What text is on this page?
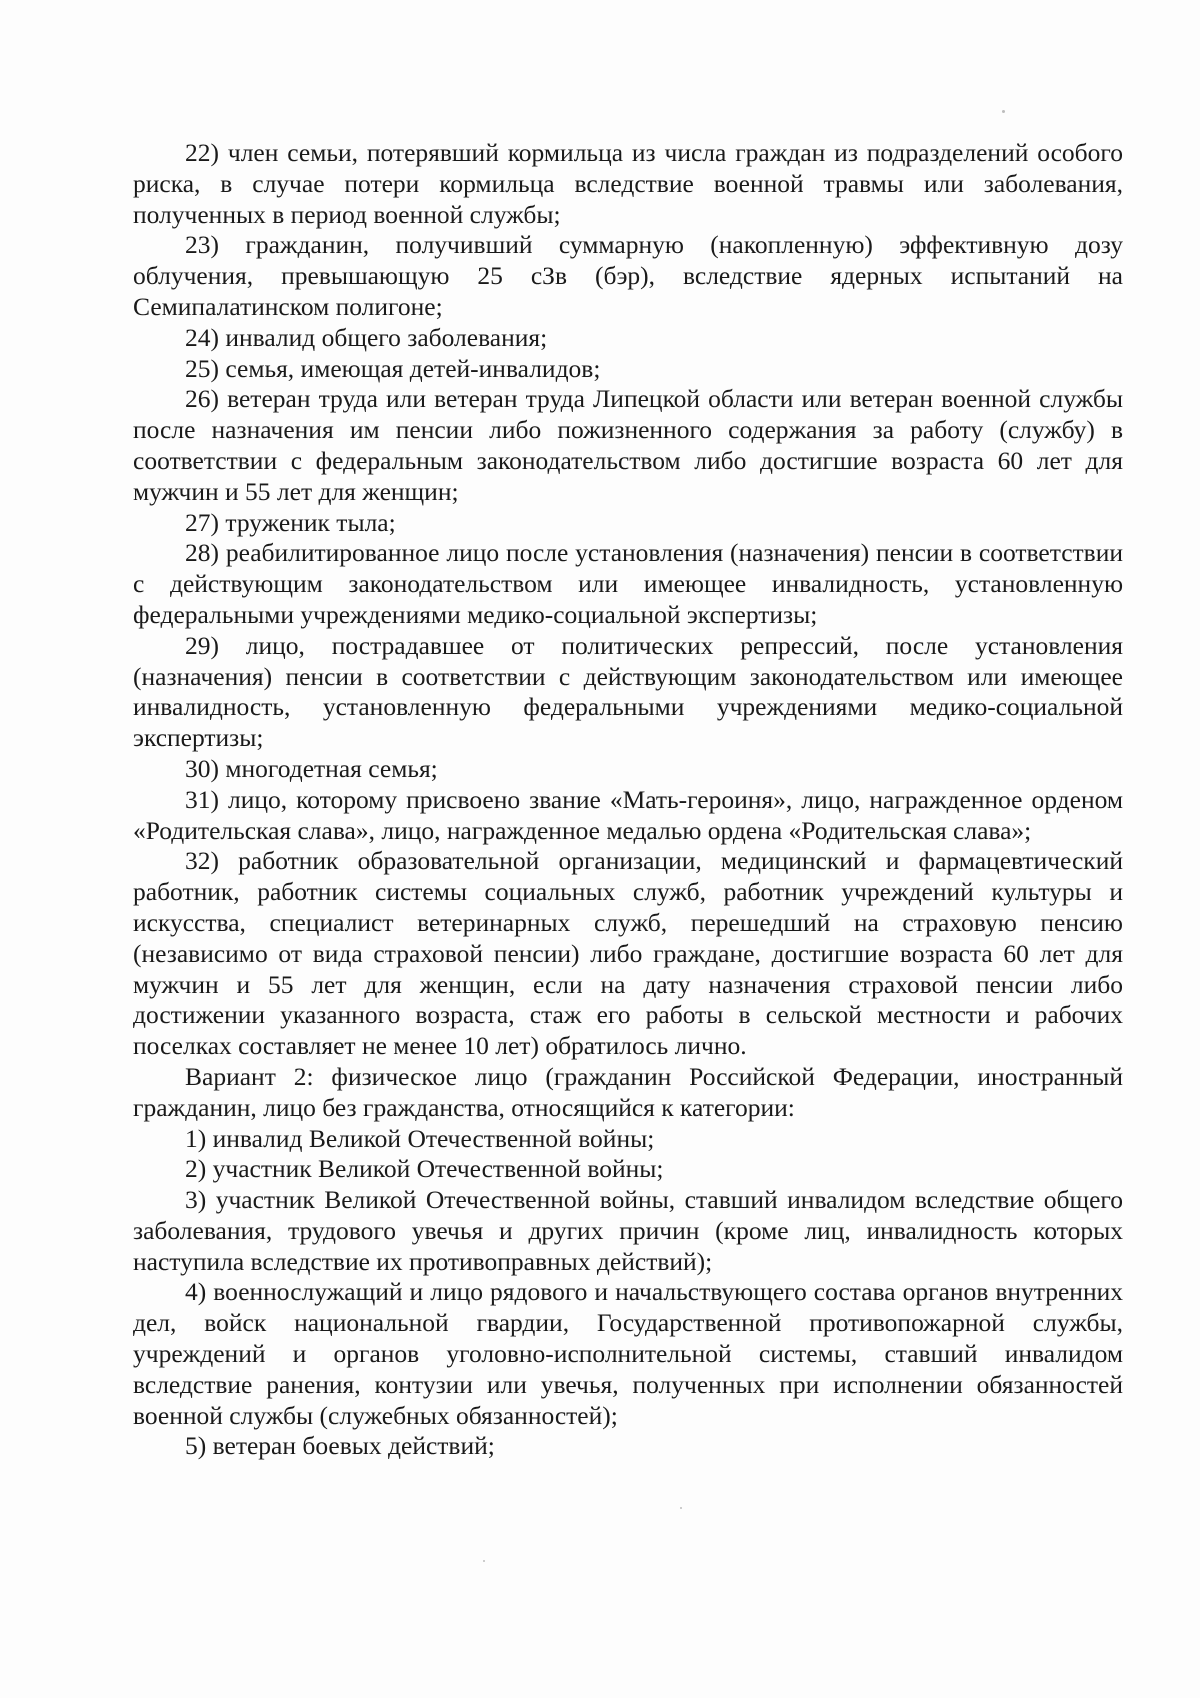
22) член семьи, потерявший кормильца из числа граждан из подразделений особого риска, в случае потери кормильца вследствие военной травмы или заболевания, полученных в период военной службы;

23) гражданин, получивший суммарную (накопленную) эффективную дозу облучения, превышающую 25 сЗв (бэр), вследствие ядерных испытаний на Семипалатинском полигоне;

24) инвалид общего заболевания;

25) семья, имеющая детей-инвалидов;

26) ветеран труда или ветеран труда Липецкой области или ветеран военной службы после назначения им пенсии либо пожизненного содержания за работу (службу) в соответствии с федеральным законодательством либо достигшие возраста 60 лет для мужчин и 55 лет для женщин;

27) труженик тыла;

28) реабилитированное лицо после установления (назначения) пенсии в соответствии с действующим законодательством или имеющее инвалидность, установленную федеральными учреждениями медико-социальной экспертизы;

29) лицо, пострадавшее от политических репрессий, после установления (назначения) пенсии в соответствии с действующим законодательством или имеющее инвалидность, установленную федеральными учреждениями медико-социальной экспертизы;

30) многодетная семья;

31) лицо, которому присвоено звание «Мать-героиня», лицо, награжденное орденом «Родительская слава», лицо, награжденное медалью ордена «Родительская слава»;

32) работник образовательной организации, медицинский и фармацевтический работник, работник системы социальных служб, работник учреждений культуры и искусства, специалист ветеринарных служб, перешедший на страховую пенсию (независимо от вида страховой пенсии) либо граждане, достигшие возраста 60 лет для мужчин и 55 лет для женщин, если на дату назначения страховой пенсии либо достижении указанного возраста, стаж его работы в сельской местности и рабочих поселках составляет не менее 10 лет) обратилось лично.

Вариант 2: физическое лицо (гражданин Российской Федерации, иностранный гражданин, лицо без гражданства, относящийся к категории:

1) инвалид Великой Отечественной войны;

2) участник Великой Отечественной войны;

3) участник Великой Отечественной войны, ставший инвалидом вследствие общего заболевания, трудового увечья и других причин (кроме лиц, инвалидность которых наступила вследствие их противоправных действий);

4) военнослужащий и лицо рядового и начальствующего состава органов внутренних дел, войск национальной гвардии, Государственной противопожарной службы, учреждений и органов уголовно-исполнительной системы, ставший инвалидом вследствие ранения, контузии или увечья, полученных при исполнении обязанностей военной службы (служебных обязанностей);

5) ветеран боевых действий;
